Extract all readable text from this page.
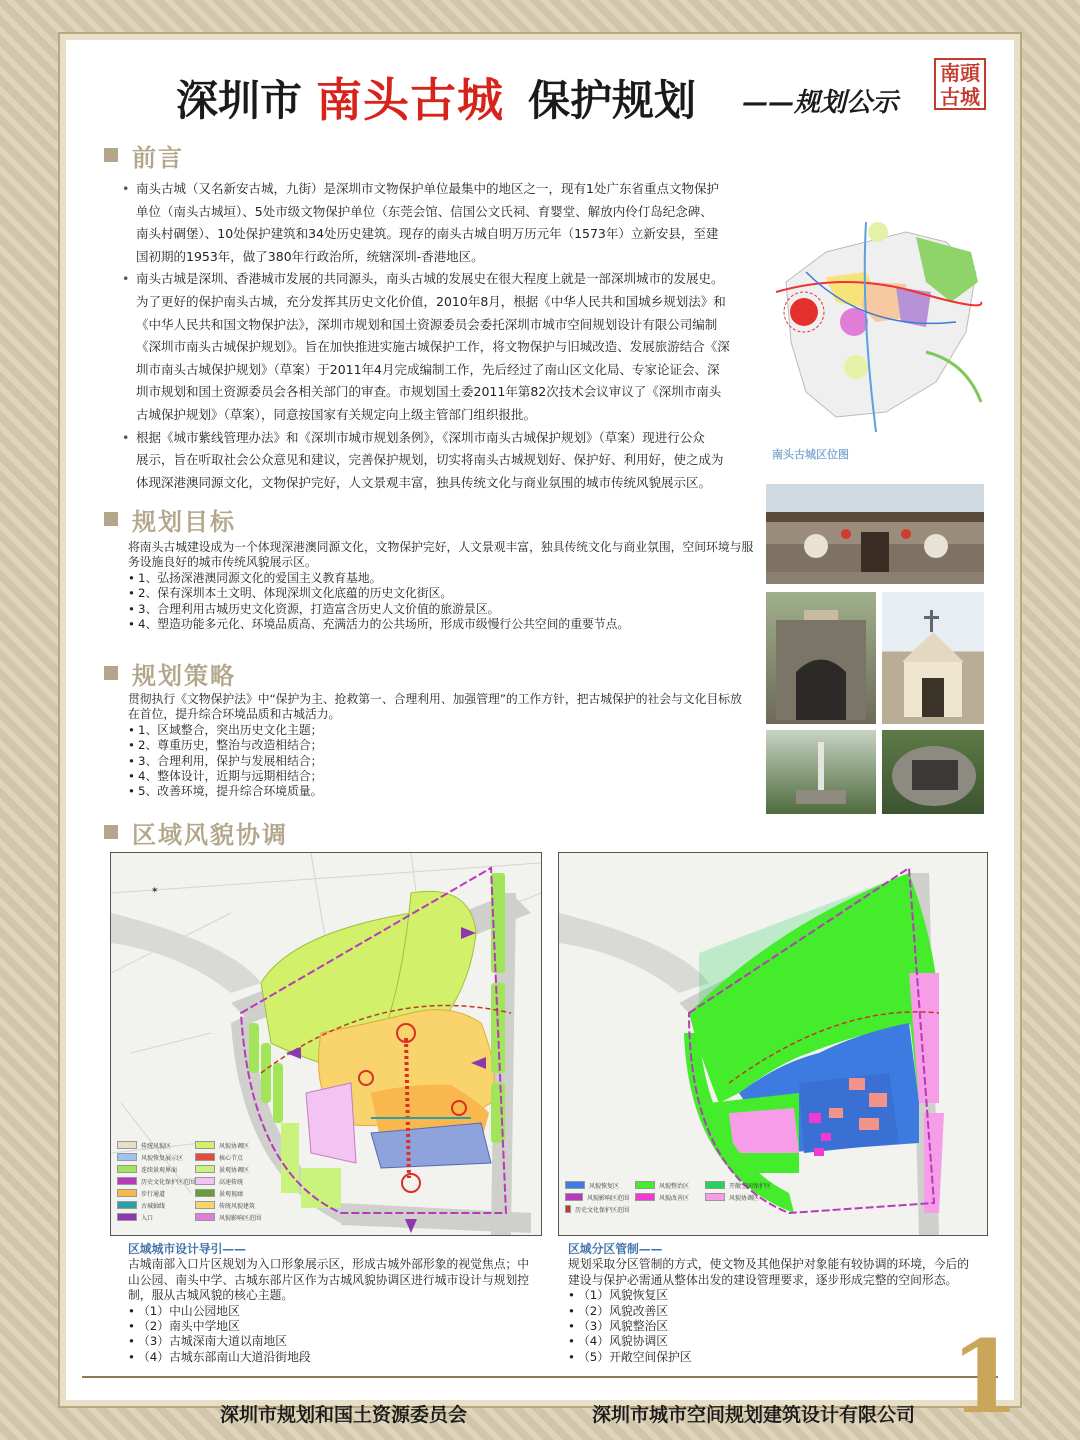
深圳市 南头古城 保护规划 ——规划公示
南頭
古城
前言
• 南头古城（又名新安古城，九街）是深圳市文物保护单位最集中的地区之一，现有1处广东省重点文物保护
单位（南头古城垣）、5处市级文物保护单位（东莞会馆、信国公文氏祠、育婴堂、解放内伶仃岛纪念碑、
南头村碉堡）、10处保护建筑和34处历史建筑。现存的南头古城自明万历元年（1573年）立新安县，至建
国初期的1953年，做了380年行政治所，统辖深圳-香港地区。
• 南头古城是深圳、香港城市发展的共同源头，南头古城的发展史在很大程度上就是一部深圳城市的发展史。
为了更好的保护南头古城，充分发挥其历史文化价值，2010年8月，根据《中华人民共和国城乡规划法》和
《中华人民共和国文物保护法》，深圳市规划和国土资源委员会委托深圳市城市空间规划设计有限公司编制
《深圳市南头古城保护规划》。旨在加快推进实施古城保护工作，将文物保护与旧城改造、发展旅游结合《深
圳市南头古城保护规划》（草案）于2011年4月完成编制工作，先后经过了南山区文化局、专家论证会、深
圳市规划和国土资源委员会各相关部门的审查。市规划国土委2011年第82次技术会议审议了《深圳市南头
古城保护规划》（草案），同意按国家有关规定向上级主管部门组织报批。
• 根据《城市紫线管理办法》和《深圳市城市规划条例》，《深圳市南头古城保护规划》（草案）现进行公众
展示，旨在听取社会公众意见和建议，完善保护规划，切实将南头古城规划好、保护好、利用好，使之成为
体现深港澳同源文化，文物保护完好，人文景观丰富，独具传统文化与商业氛围的城市传统风貌展示区。
南头古城区位图
规划目标
将南头古城建设成为一个体现深港澳同源文化，文物保护完好，人文景观丰富，独具传统文化与商业氛围，空间环境与服
务设施良好的城市传统风貌展示区。
• 1、弘扬深港澳同源文化的爱国主义教育基地。
• 2、保有深圳本土文明、体现深圳文化底蕴的历史文化街区。
• 3、合理利用古城历史文化资源，打造富含历史人文价值的旅游景区。
• 4、塑造功能多元化、环境品质高、充满活力的公共场所，形成市级慢行公共空间的重要节点。
规划策略
贯彻执行《文物保护法》中“保护为主、抢救第一、合理利用、加强管理”的工作方针，把古城保护的社会与文化目标放
在首位，提升综合环境品质和古城活力。
• 1、区域整合，突出历史文化主题；
• 2、尊重历史，整治与改造相结合；
• 3、合理利用，保护与发展相结合；
• 4、整体设计，近期与远期相结合；
• 5、改善环境，提升综合环境质量。
区域风貌协调
✶
传统风貌区	风貌协调区
风貌恢复展示区	核心节点
连续景观界面	景观协调区
历史文化保护区范围	高速传统
步行通道	景观视廊
古城轴线	传统风貌建筑
入口	风貌影响区范围
风貌恢复区	风貌整治区	开敞空间保护区
风貌影响区范围	风貌改善区	风貌协调区
历史文化保护区范围
区域城市设计导引——
古城南部入口片区规划为入口形象展示区，形成古城外部形象的视觉焦点；中
山公园、南头中学、古城东部片区作为古城风貌协调区进行城市设计与规划控
制，服从古城风貌的核心主题。
• （1）中山公园地区
• （2）南头中学地区
• （3）古城深南大道以南地区
• （4）古城东部南山大道沿街地段
区域分区管制——
规划采取分区管制的方式，使文物及其他保护对象能有较协调的环境，今后的
建设与保护必需通从整体出发的建设管理要求，逐步形成完整的空间形态。
• （1）风貌恢复区
• （2）风貌改善区
• （3）风貌整治区
• （4）风貌协调区
• （5）开敞空间保护区
深圳市规划和国土资源委员会	深圳市城市空间规划建筑设计有限公司 1
